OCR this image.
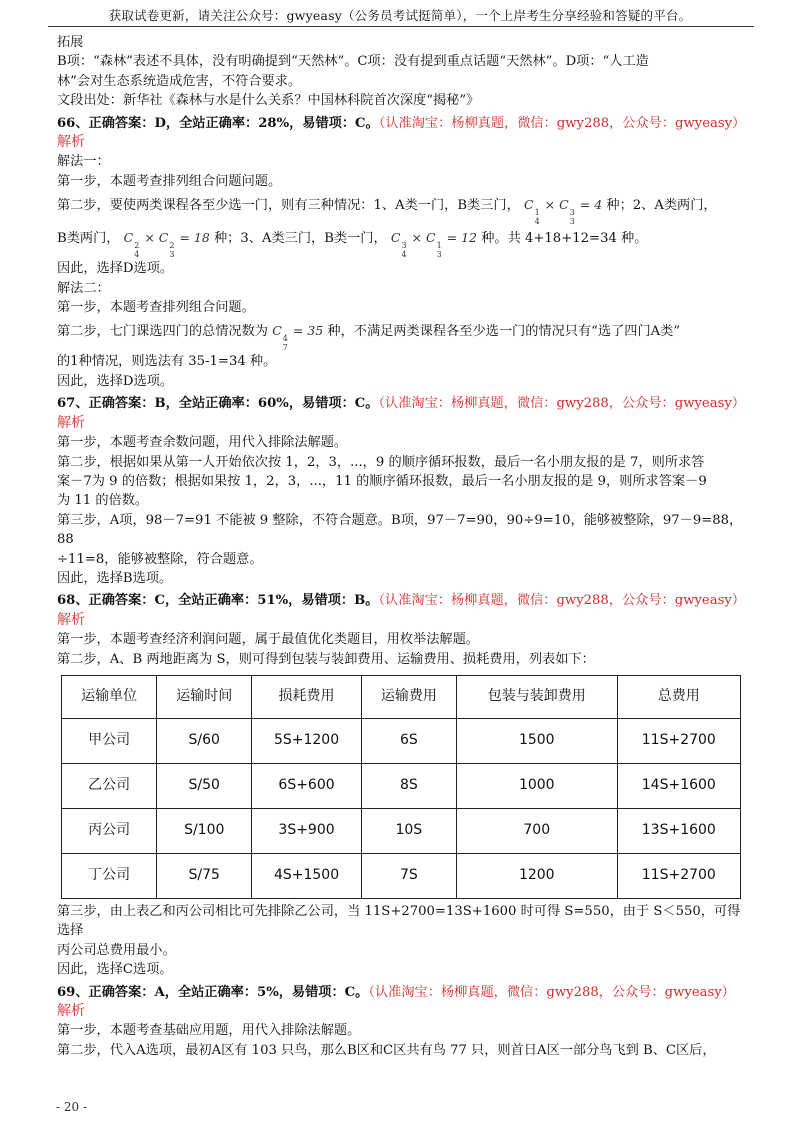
获取试卷更新，请关注公众号：gwyeasy（公务员考试挺简单），一个上岸考生分享经验和答疑的平台。

拓展

B项：“森林”表述不具体，没有明确提到“天然林”。C项：没有提到重点话题“天然林”。D项：“人工造

林”会对生态系统造成危害，不符合要求。

文段出处：新华社《森林与水是什么关系？中国林科院首次深度“揭秘”》

66、正确答案：D，全站正确率：28%，易错项：C。（认准淘宝：杨柳真题，微信：gwy288，公众号：gwyeasy）

解析

解法一：

第一步，本题考查排列组合问题问题。

第二步，要使两类课程各至少选一门，则有三种情况：1、A类一门，B类三门， C
1
4
× C
3
3
= 4 种；2、A类两门，

B类两门， C
2
4
× C
2
3
= 18 种；3、A类三门，B类一门， C
3
4
× C
1
3
= 12 种。共 4+18+12=34 种。

因此，选择D选项。

解法二：

第一步，本题考查排列组合问题。

第二步，七门课选四门的总情况数为 C
4
7
= 35 种，不满足两类课程各至少选一门的情况只有“选了四门A类”

的1种情况，则选法有 35-1=34 种。

因此，选择D选项。

67、正确答案：B，全站正确率：60%，易错项：C。（认准淘宝：杨柳真题，微信：gwy288，公众号：gwyeasy）

解析

第一步，本题考查余数问题，用代入排除法解题。

第二步，根据如果从第一人开始依次按 1，2，3，...，9 的顺序循环报数，最后一名小朋友报的是 7，则所求答

案－7为 9 的倍数；根据如果按 1，2，3，...，11 的顺序循环报数，最后一名小朋友报的是 9，则所求答案－9

为 11 的倍数。

第三步，A项，98－7=91 不能被 9 整除，不符合题意。B项，97－7=90，90÷9=10，能够被整除，97－9=88，88

÷11=8，能够被整除，符合题意。

因此，选择B选项。

68、正确答案：C，全站正确率：51%，易错项：B。（认准淘宝：杨柳真题，微信：gwy288，公众号：gwyeasy）

解析

第一步，本题考查经济利润问题，属于最值优化类题目，用枚举法解题。

第二步，A、B 两地距离为 S，则可得到包装与装卸费用、运输费用、损耗费用，列表如下：

运输单位	运输时间	损耗费用	运输费用	包装与装卸费用	总费用
甲公司	S/60	5S+1200	6S	1500	11S+2700
乙公司	S/50	6S+600	8S	1000	14S+1600
丙公司	S/100	3S+900	10S	700	13S+1600
丁公司	S/75	4S+1500	7S	1200	11S+2700

第三步，由上表乙和丙公司相比可先排除乙公司，当 11S+2700=13S+1600 时可得 S=550，由于 S＜550，可得选择

丙公司总费用最小。

因此，选择C选项。

69、正确答案：A，全站正确率：5%，易错项：C。（认准淘宝：杨柳真题，微信：gwy288，公众号：gwyeasy）

解析

第一步，本题考查基础应用题，用代入排除法解题。

第二步，代入A选项，最初A区有 103 只鸟，那么B区和C区共有鸟 77 只，则首日A区一部分鸟飞到 B、C区后，

- 20 -
